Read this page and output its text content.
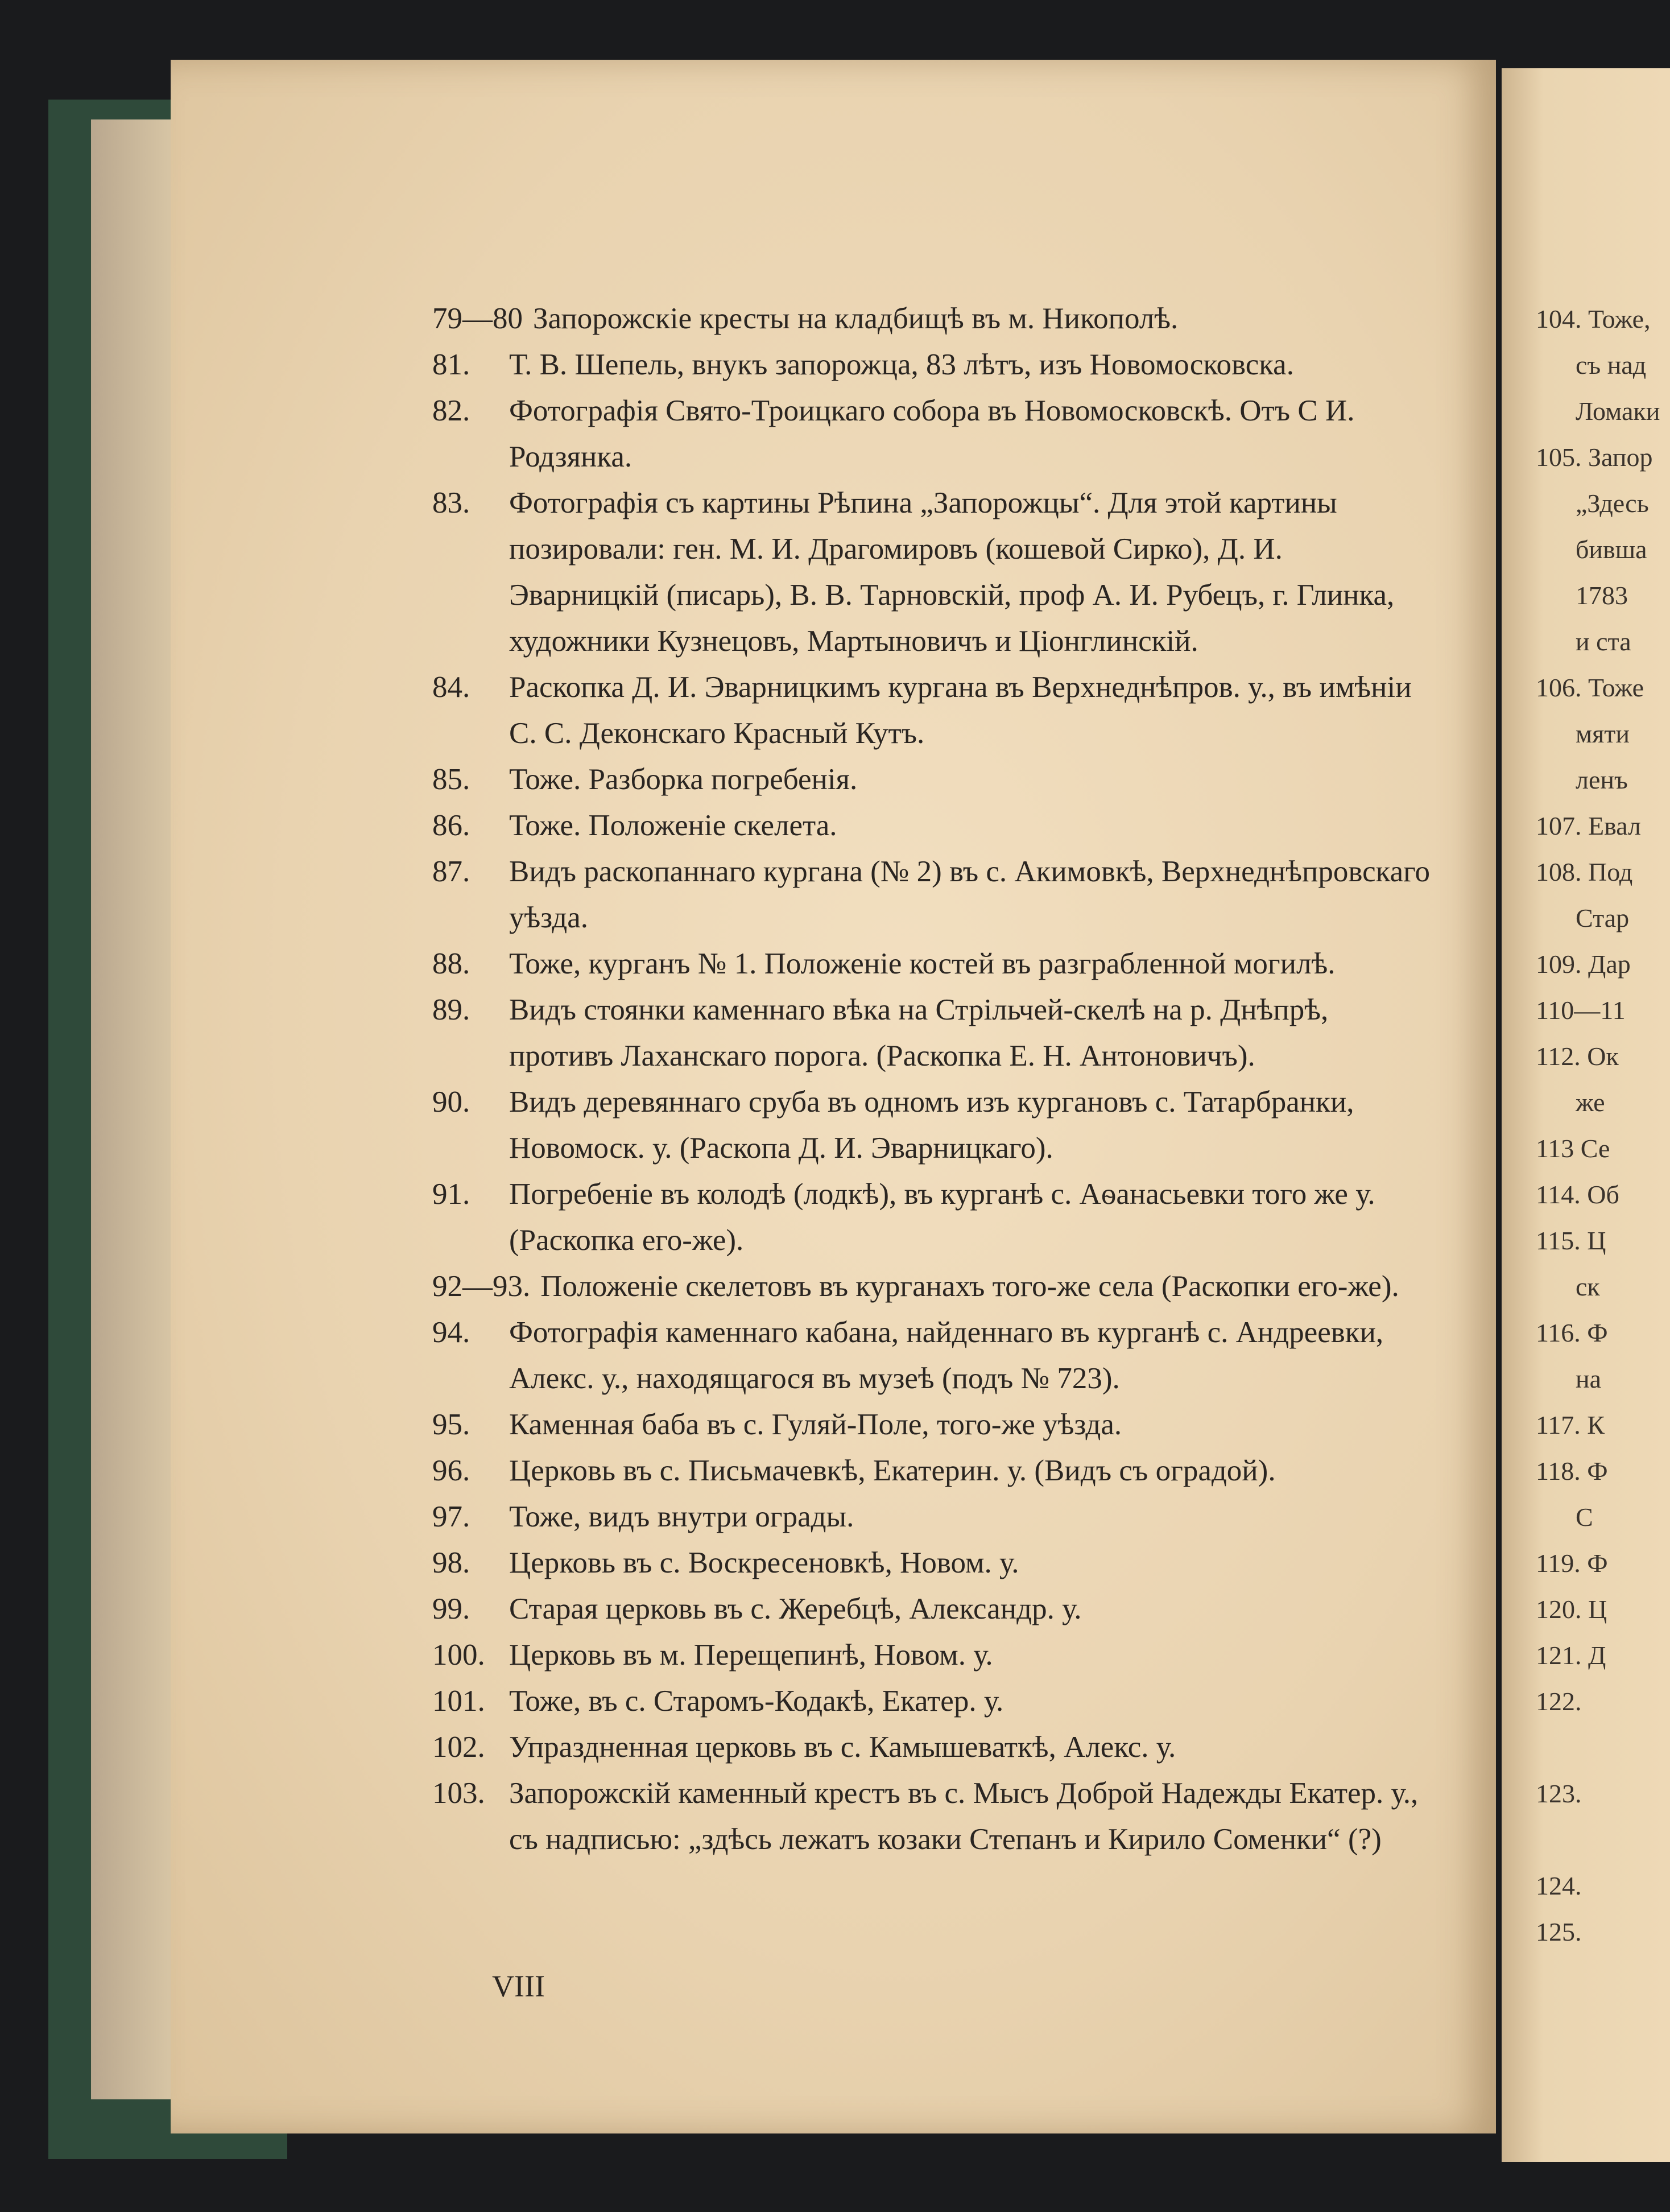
79—80 Запорожскіе кресты на кладбищѣ въ м. Никополѣ.
81. Т. В. Шепель, внукъ запорожца, 83 лѣтъ, изъ Новомосковска.
82. Фотографія Свято-Троицкаго собора въ Новомосковскѣ. Отъ С И. Родзянка.
83. Фотографія съ картины Рѣпина „Запорожцы“. Для этой картины позировали: ген. М. И. Драгомировъ (кошевой Сирко), Д. И. Эварницкій (писарь), В. В. Тарновскій, проф А. И. Рубецъ, г. Глинка, художники Кузнецовъ, Мартыновичъ и Ціонглинскій.
84. Раскопка Д. И. Эварницкимъ кургана въ Верхнеднѣпров. у., въ имѣніи С. С. Деконскаго Красный Кутъ.
85. Тоже. Разборка погребенія.
86. Тоже. Положеніе скелета.
87. Видъ раскопаннаго кургана (№ 2) въ с. Акимовкѣ, Верхнеднѣпровскаго уѣзда.
88. Тоже, курганъ № 1. Положеніе костей въ разграбленной могилѣ.
89. Видъ стоянки каменнаго вѣка на Стрільчей-скелѣ на р. Днѣпрѣ, противъ Лаханскаго порога. (Раскопка Е. Н. Антоновичъ).
90. Видъ деревяннаго сруба въ одномъ изъ кургановъ с. Татарбранки, Новомоск. у. (Раскопа Д. И. Эварницкаго).
91. Погребеніе въ колодѣ (лодкѣ), въ курганѣ с. Аѳанасьевки того же у. (Раскопка его-же).
92—93. Положеніе скелетовъ въ курганахъ того-же села (Раскопки его-же).
94. Фотографія каменнаго кабана, найденнаго въ курганѣ с. Андреевки, Алекс. у., находящагося въ музеѣ (подъ № 723).
95. Каменная баба въ с. Гуляй-Поле, того-же уѣзда.
96. Церковь въ с. Письмачевкѣ, Екатерин. у. (Видъ съ оградой).
97. Тоже, видъ внутри ограды.
98. Церковь въ с. Воскресеновкѣ, Новом. у.
99. Старая церковь въ с. Жеребцѣ, Александр. у.
100. Церковь въ м. Перещепинѣ, Новом. у.
101. Тоже, въ с. Старомъ-Кодакѣ, Екатер. у.
102. Упраздненная церковь въ с. Камышеваткѣ, Алекс. у.
103. Запорожскій каменный крестъ въ с. Мысъ Доброй Надежды Екатер. у., съ надписью: „здѣсь лежатъ козаки Степанъ и Кирило Соменки“ (?)
VIII
104. Тоже,
съ над
Ломаки
105. Запор
„Здесь
бивша
1783
и ста
106. Тоже
мяти
ленъ
107. Евал
108. Под
Стар
109. Дар
110—11
112. Ок
же
113 Се
114. Об
115. Ц
ск
116. Ф
на
117. К
118. Ф
С
119. Ф
120. Ц
121. Д
122.

123.

124.
125.
